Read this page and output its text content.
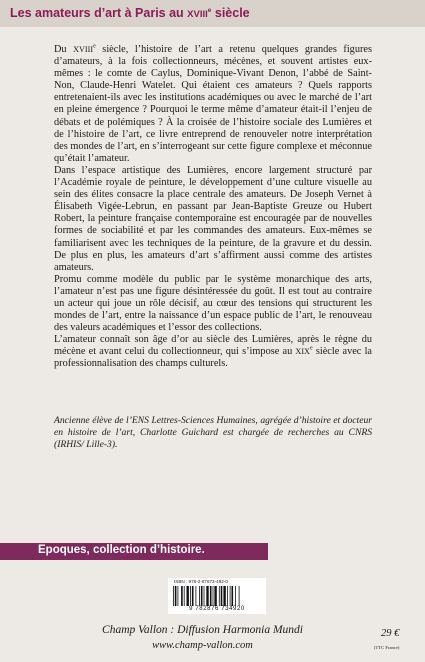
Les amateurs d’art à Paris au XVIIIe siècle

Du XVIIIe siècle, l’histoire de l’art a retenu quelques grandes figures d’amateurs, à la fois collectionneurs, mécènes, et souvent artistes eux-mêmes : le comte de Caylus, Dominique-Vivant Denon, l’abbé de Saint-Non, Claude-Henri Watelet. Qui étaient ces amateurs ? Quels rapports entretenaient-ils avec les institutions académiques ou avec le marché de l’art en pleine émergence ? Pourquoi le terme même d’amateur était-il l’enjeu de débats et de polémiques ? À la croisée de l’histoire sociale des Lumières et de l’histoire de l’art, ce livre entreprend de renouveler notre interprétation des mondes de l’art, en s’interrogeant sur cette figure complexe et méconnue qu’était l’amateur.

Dans l’espace artistique des Lumières, encore largement structuré par l’Académie royale de peinture, le développement d’une culture visuelle au sein des élites consacre la place centrale des amateurs. De Joseph Vernet à Élisabeth Vigée-Lebrun, en passant par Jean-Baptiste Greuze ou Hubert Robert, la peinture française contemporaine est encouragée par de nouvelles formes de sociabilité et par les commandes des amateurs. Eux-mêmes se familiarisent avec les techniques de la peinture, de la gravure et du dessin. De plus en plus, les amateurs d’art s’affirment aussi comme des artistes amateurs.

Promu comme modèle du public par le système monarchique des arts, l’amateur n’est pas une figure désintéressée du goût. Il est tout au contraire un acteur qui joue un rôle décisif, au cœur des tensions qui structurent les mondes de l’art, entre la naissance d’un espace public de l’art, le renouveau des valeurs académiques et l’essor des collections.

L’amateur connaît son âge d’or au siècle des Lumières, après le règne du mécène et avant celui du collectionneur, qui s’impose au XIXe siècle avec la professionnalisation des champs culturels.

Ancienne élève de l’ENS Lettres-Sciences Humaines, agrégée d’histoire et docteur en histoire de l’art, Charlotte Guichard est chargée de recherches au CNRS (IRHIS/ Lille-3).
Epoques, collection d’histoire.
ISBN : 978-2-87673-492-0
9 782876 734920
Champ Vallon : Diffusion Harmonia Mundi
www.champ-vallon.com
29 €
(TTC France)
